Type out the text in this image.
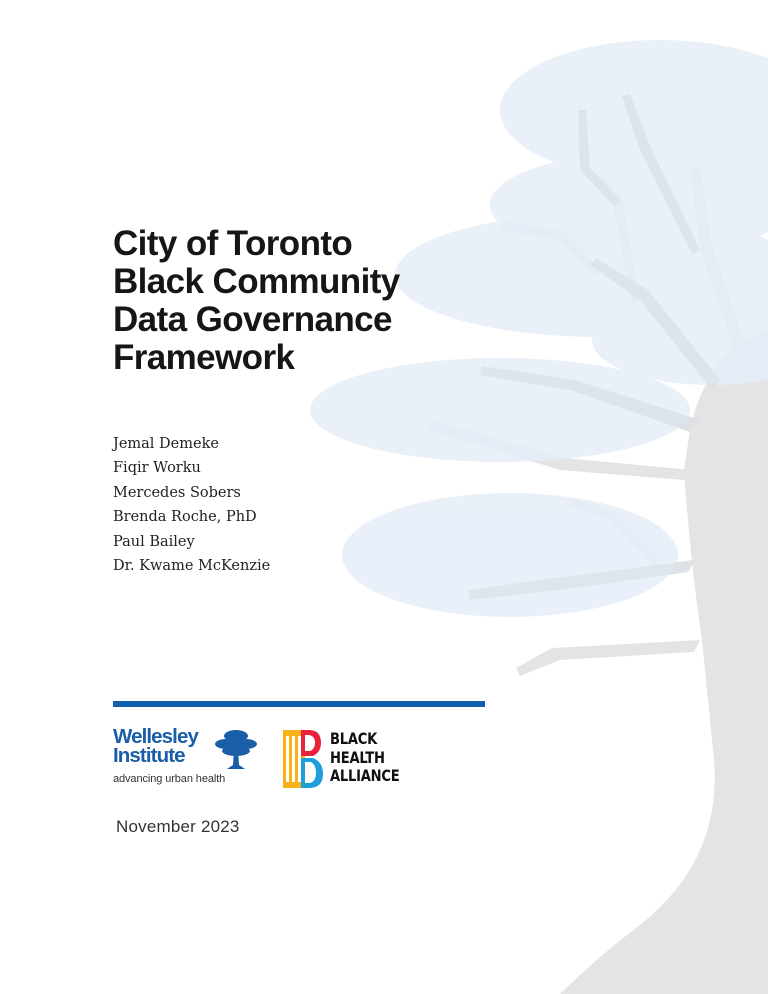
City of Toronto
Black Community
Data Governance
Framework
Jemal Demeke
Fiqir Worku
Mercedes Sobers
Brenda Roche, PhD
Paul Bailey
Dr. Kwame McKenzie
Wellesley
Institute
advancing urban health
BLACK
HEALTH
ALLIANCE
November 2023
